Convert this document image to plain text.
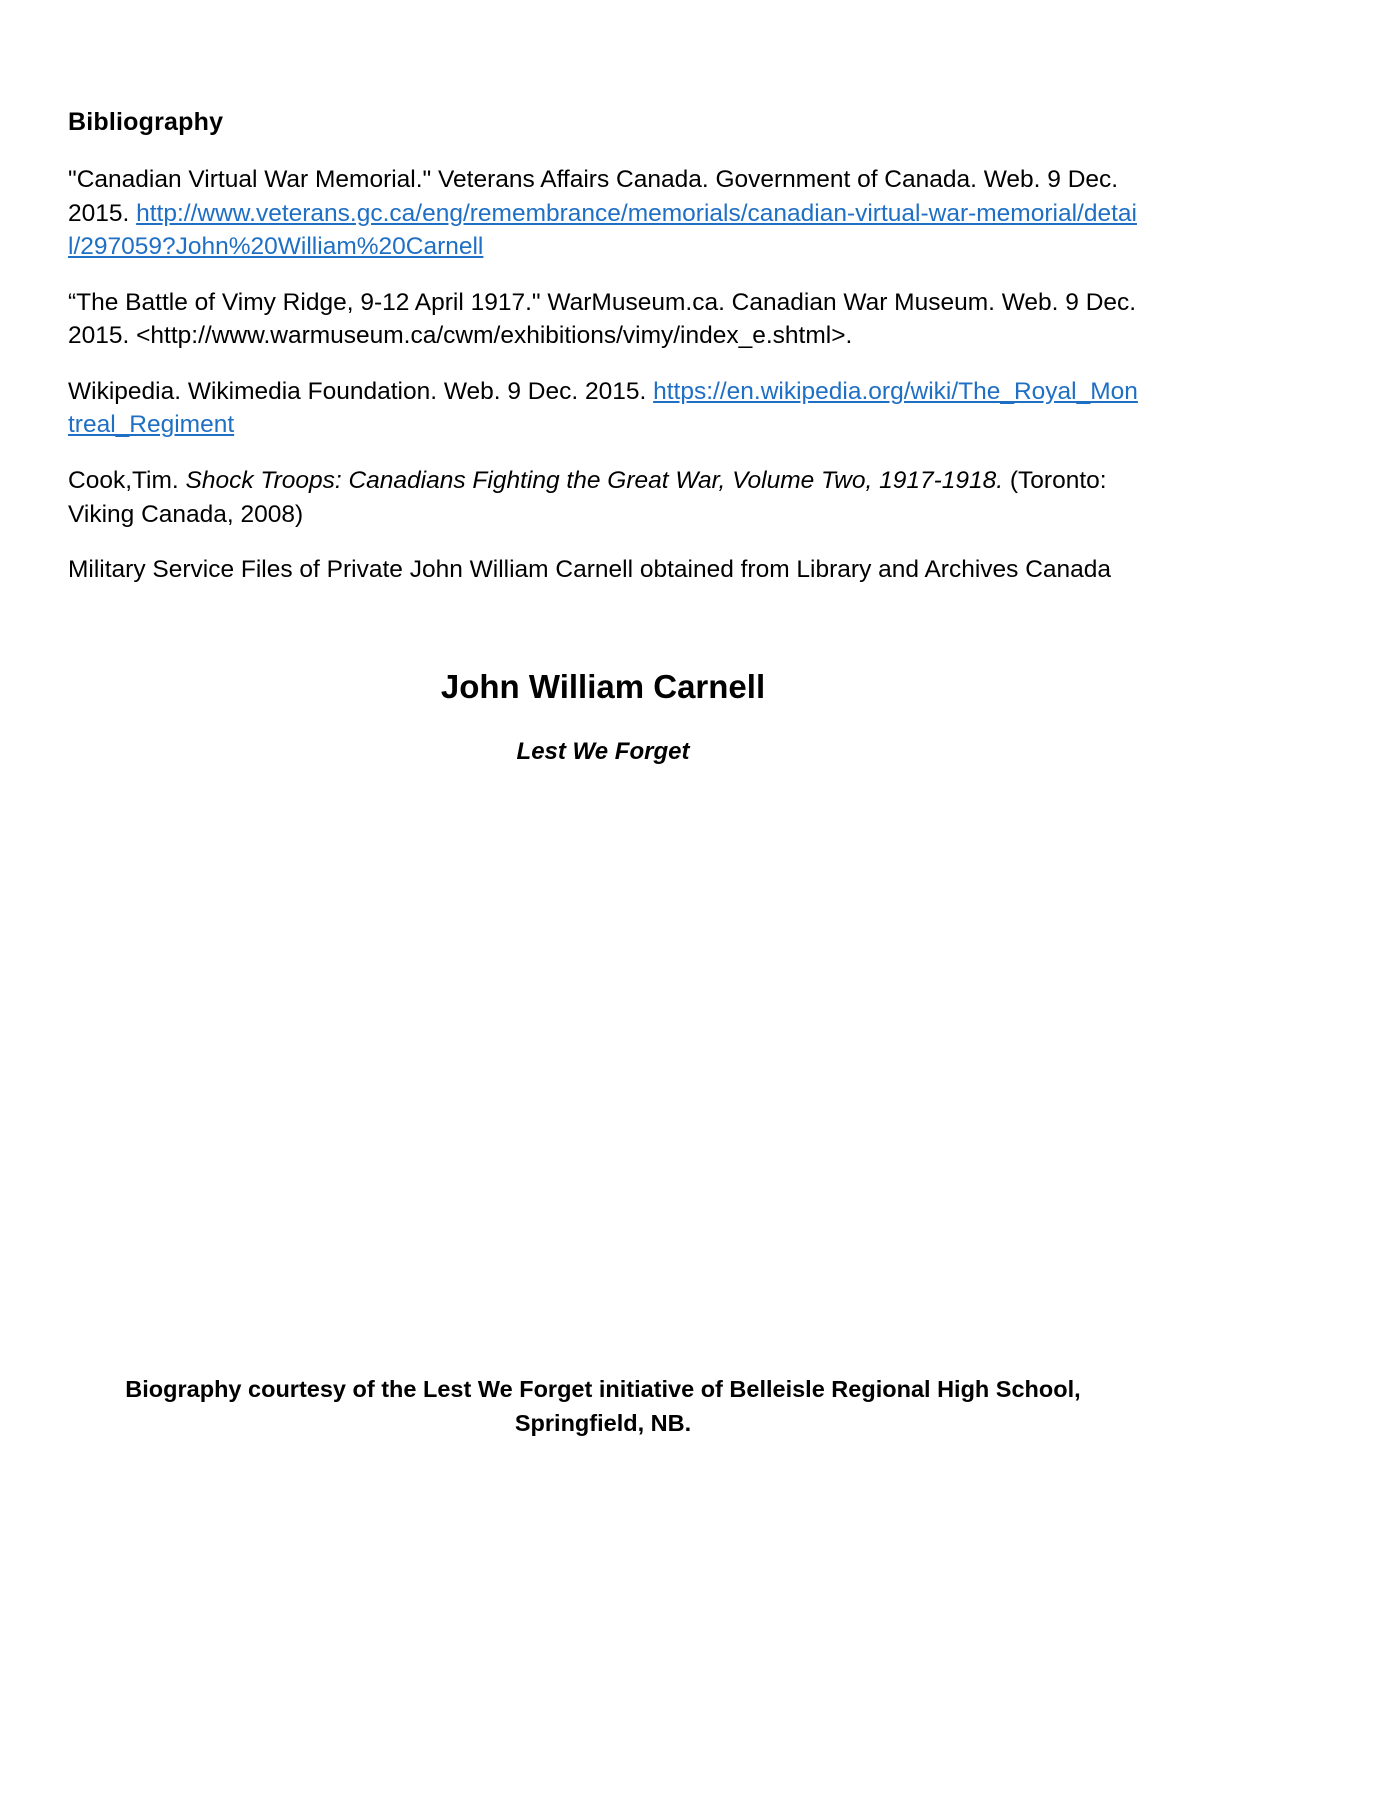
Bibliography

"Canadian Virtual War Memorial." Veterans Affairs Canada. Government of Canada. Web. 9 Dec. 2015. http://www.veterans.gc.ca/eng/remembrance/memorials/canadian-virtual-war-memorial/detail/297059?John%20William%20Carnell

“The Battle of Vimy Ridge, 9-12 April 1917." WarMuseum.ca. Canadian War Museum. Web. 9 Dec. 2015. <http://www.warmuseum.ca/cwm/exhibitions/vimy/index_e.shtml>.

Wikipedia. Wikimedia Foundation. Web. 9 Dec. 2015. https://en.wikipedia.org/wiki/The_Royal_Montreal_Regiment

Cook,Tim. Shock Troops: Canadians Fighting the Great War, Volume Two, 1917-1918. (Toronto: Viking Canada, 2008)

Military Service Files of Private John William Carnell obtained from Library and Archives Canada

John William Carnell

Lest We Forget

Biography courtesy of the Lest We Forget initiative of Belleisle Regional High School, Springfield, NB.
